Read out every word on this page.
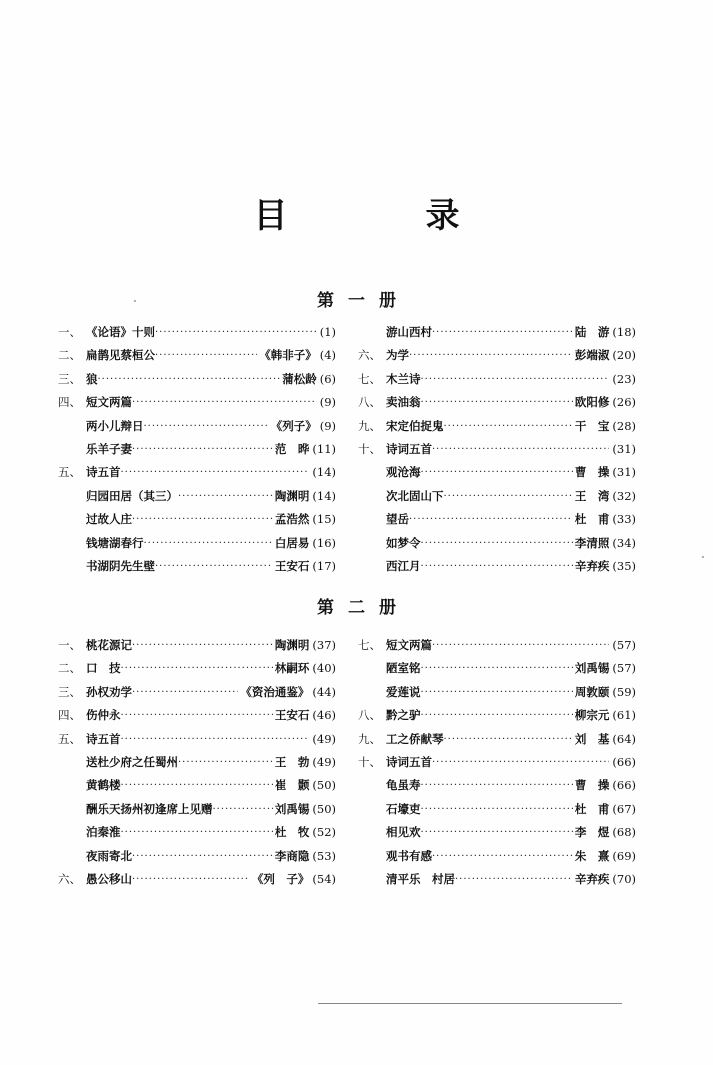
目　录
第一册
一、 《论语》十则 ·····	(1)
二、 扁鹊见蔡桓公 ·····	《韩非子》 (4)
三、 狼 ·····	蒲松龄 (6)
四、 短文两篇 ·····	(9)
两小儿辩日 ·····	《列子》 (9)
乐羊子妻 ·····	范　晔 (11)
五、 诗五首 ·····	(14)
归园田居（其三） ·····	陶渊明 (14)
过故人庄 ·····	孟浩然 (15)
钱塘湖春行 ·····	白居易 (16)
书湖阴先生壁 ·····	王安石 (17)
游山西村 ·····	陆　游 (18)
六、 为学 ·····	彭端淑 (20)
七、 木兰诗 ·····	(23)
八、 卖油翁 ·····	欧阳修 (26)
九、 宋定伯捉鬼 ·····	干　宝 (28)
十、 诗词五首 ·····	(31)
观沧海 ·····	曹　操 (31)
次北固山下 ·····	王　湾 (32)
望岳 ·····	杜　甫 (33)
如梦令 ·····	李清照 (34)
西江月 ·····	辛弃疾 (35)
第二册
一、 桃花源记 ·····	陶渊明 (37)
二、 口　技 ·····	林嗣环 (40)
三、 孙权劝学 ·····	《资治通鉴》 (44)
四、 伤仲永 ·····	王安石 (46)
五、 诗五首 ·····	(49)
送杜少府之任蜀州 ·····	王　勃 (49)
黄鹤楼 ·····	崔　颢 (50)
酬乐天扬州初逢席上见赠 ·····	刘禹锡 (50)
泊秦淮 ·····	杜　牧 (52)
夜雨寄北 ·····	李商隐 (53)
六、 愚公移山 ·····	《列　子》 (54)
七、 短文两篇 ·····	(57)
陋室铭 ·····	刘禹锡 (57)
爱莲说 ·····	周敦颐 (59)
八、 黔之驴 ·····	柳宗元 (61)
九、 工之侨献琴 ·····	刘　基 (64)
十、 诗词五首 ·····	(66)
龟虽寿 ·····	曹　操 (66)
石壕吏 ·····	杜　甫 (67)
相见欢 ·····	李　煜 (68)
观书有感 ·····	朱　熹 (69)
清平乐　村居 ·····	辛弃疾 (70)
